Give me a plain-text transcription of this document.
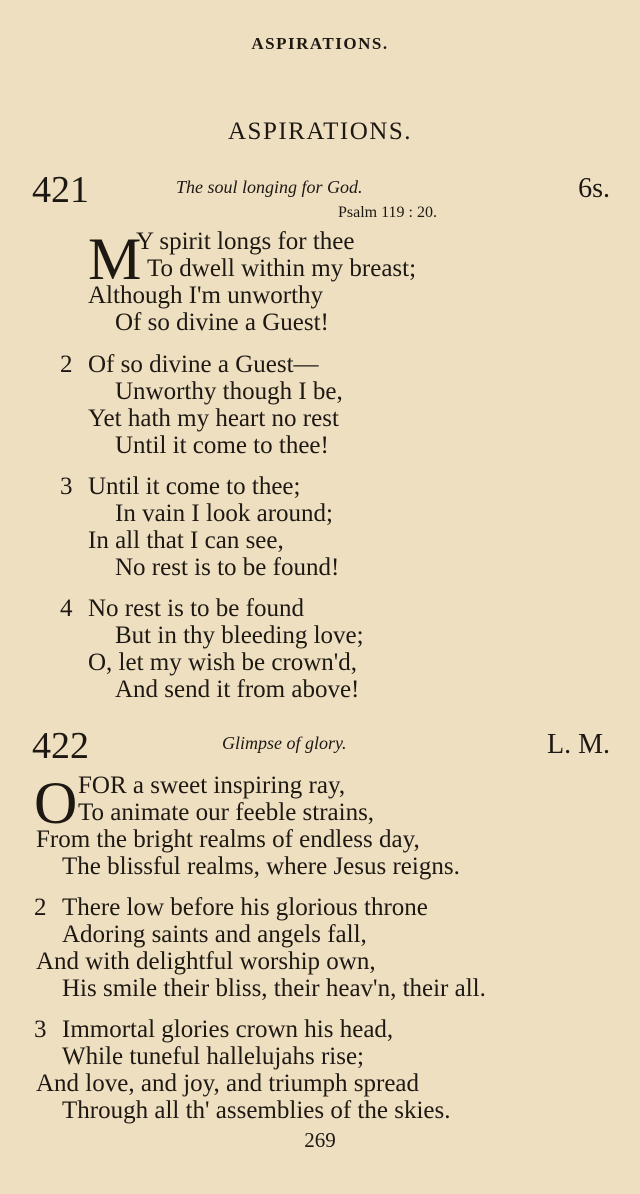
ASPIRATIONS.
ASPIRATIONS.
421	The soul longing for God.
Psalm 119 : 20.
6s.
M
Y spirit longs for thee
To dwell within my breast;
Although I'm unworthy
Of so divine a Guest!
2 Of so divine a Guest—
Unworthy though I be,
Yet hath my heart no rest
Until it come to thee!
3 Until it come to thee;
In vain I look around;
In all that I can see,
No rest is to be found!
4 No rest is to be found
But in thy bleeding love;
O, let my wish be crown'd,
And send it from above!
422	Glimpse of glory.	L. M.
O FOR a sweet inspiring ray,
To animate our feeble strains,
From the bright realms of endless day,
The blissful realms, where Jesus reigns.
2 There low before his glorious throne
Adoring saints and angels fall,
And with delightful worship own,
His smile their bliss, their heav'n, their all.
3 Immortal glories crown his head,
While tuneful hallelujahs rise;
And love, and joy, and triumph spread
Through all th' assemblies of the skies.
269
